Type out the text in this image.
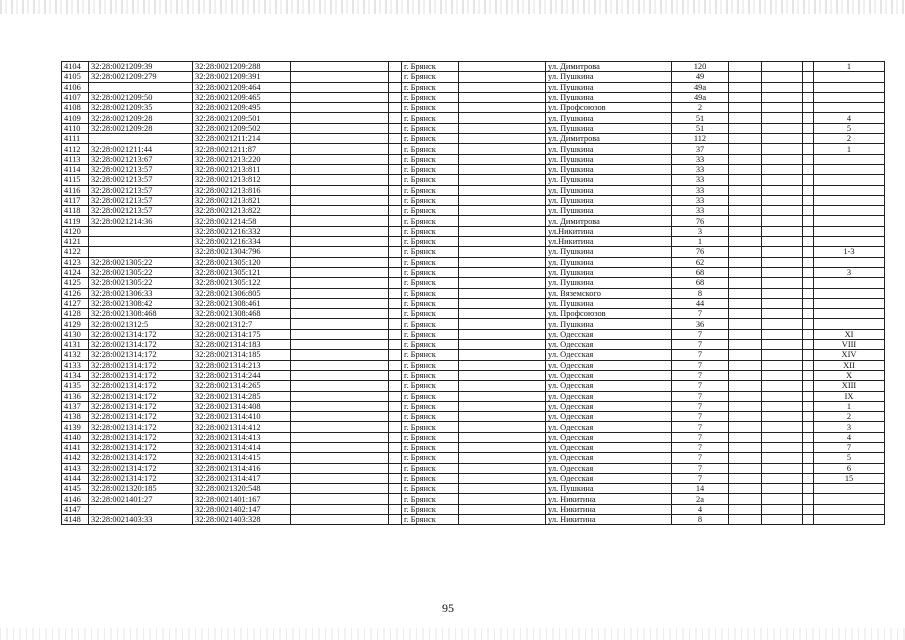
4104	32:28:0021209:39	32:28:0021209:288			г. Брянск		ул. Димитрова	120				1
4105	32:28:0021209:279	32:28:0021209:391			г. Брянск		ул. Пушкина	49				
4106		32:28:0021209:464			г. Брянск		ул. Пушкина	49а				
4107	32:28:0021209:50	32:28:0021209:465			г. Брянск		ул. Пушкина	49а				
4108	32:28:0021209:35	32:28:0021209:495			г. Брянск		ул. Профсоюзов	2				
4109	32:28:0021209:28	32:28:0021209:501			г. Брянск		ул. Пушкина	51				4
4110	32:28:0021209:28	32:28:0021209:502			г. Брянск		ул. Пушкина	51				5
4111		32:28:0021211:214			г. Брянск		ул. Димитрова	112				2
4112	32:28:0021211:44	32:28:0021211:87			г. Брянск		ул. Пушкина	37				1
4113	32:28:0021213:67	32:28:0021213:220			г. Брянск		ул. Пушкина	33				
4114	32:28:0021213:57	32:28:0021213:811			г. Брянск		ул. Пушкина	33				
4115	32:28:0021213:57	32:28:0021213:812			г. Брянск		ул. Пушкина	33				
4116	32:28:0021213:57	32:28:0021213:816			г. Брянск		ул. Пушкина	33				
4117	32:28:0021213:57	32:28:0021213:821			г. Брянск		ул. Пушкина	33				
4118	32:28:0021213:57	32:28:0021213:822			г. Брянск		ул. Пушкина	33				
4119	32:28:0021214:36	32:28:0021214:58			г. Брянск		ул. Димитрова	76				
4120		32:28:0021216:332			г. Брянск		ул.Никитина	3				
4121		32:28:0021216:334			г. Брянск		ул.Никитина	1				
4122		32:28:0021304:796			г. Брянск		ул. Пушкина	76				1-3
4123	32:28:0021305:22	32:28:0021305:120			г. Брянск		ул. Пушкина	62				
4124	32:28:0021305:22	32:28:0021305:121			г. Брянск		ул. Пушкина	68				3
4125	32:28:0021305:22	32:28:0021305:122			г. Брянск		ул. Пушкина	68				
4126	32:28:0021306:33	32:28:0021306:805			г. Брянск		ул. Вяземского	8				
4127	32:28:0021308:42	32:28:0021308:461			г. Брянск		ул. Пушкина	44				
4128	32:28:0021308:468	32:28:0021308:468			г. Брянск		ул. Профсоюзов	7				
4129	32:28:0021312:5	32:28:0021312:7			г. Брянск		ул. Пушкина	36				
4130	32:28:0021314:172	32:28:0021314:175			г. Брянск		ул. Одесская	7				XI
4131	32:28:0021314:172	32:28:0021314:183			г. Брянск		ул. Одесская	7				VIII
4132	32:28:0021314:172	32:28:0021314:185			г. Брянск		ул. Одесская	7				XIV
4133	32:28:0021314:172	32:28:0021314:213			г. Брянск		ул. Одесская	7				XII
4134	32:28:0021314:172	32:28:0021314:244			г. Брянск		ул. Одесская	7				X
4135	32:28:0021314:172	32:28:0021314:265			г. Брянск		ул. Одесская	7				XIII
4136	32:28:0021314:172	32:28:0021314:285			г. Брянск		ул. Одесская	7				IX
4137	32:28:0021314:172	32:28:0021314:408			г. Брянск		ул. Одесская	7				1
4138	32:28:0021314:172	32:28:0021314:410			г. Брянск		ул. Одесская	7				2
4139	32:28:0021314:172	32:28:0021314:412			г. Брянск		ул. Одесская	7				3
4140	32:28:0021314:172	32:28:0021314:413			г. Брянск		ул. Одесская	7				4
4141	32:28:0021314:172	32:28:0021314:414			г. Брянск		ул. Одесская	7				7
4142	32:28:0021314:172	32:28:0021314:415			г. Брянск		ул. Одесская	7				5
4143	32:28:0021314:172	32:28:0021314:416			г. Брянск		ул. Одесская	7				6
4144	32:28:0021314:172	32:28:0021314:417			г. Брянск		ул. Одесская	7				15
4145	32:28:0021320:185	32:28:0021320:548			г. Брянск		ул. Пушкина	14				
4146	32:28:0021401:27	32:28:0021401:167			г. Брянск		ул. Никитина	2а				
4147		32:28:0021402:147			г. Брянск		ул. Никитина	4				
4148	32:28:0021403:33	32:28:0021403:328			г. Брянск		ул. Никитина	8				
95
